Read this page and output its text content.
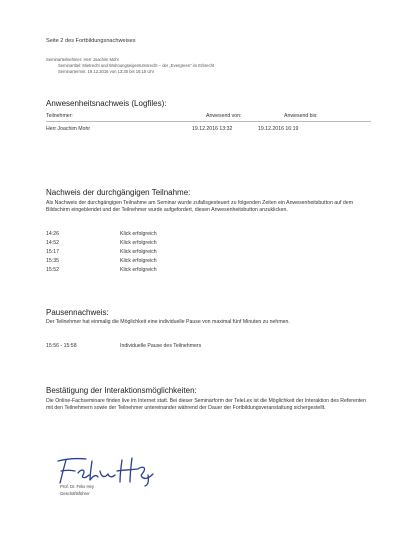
Seite 2 des Fortbildungsnachweises
Seminarteilnehmer: Herr Joachim Mohr
Seminartitel: Mietrecht und Wohnungseigentumsrecht – der „Evergreen“ im Erbrecht
Seminartermin: 19.12.2016 von 13:30 bis 16:15 Uhr
Anwesenheitsnachweis (Logfiles):
Teilnehmer:	Anwesend von:	Anwesend bis:
Herr Joachim Mohr	19.12.2016 13:32	19.12.2016 16:19
Nachweis der durchgängigen Teilnahme:
Als Nachweis der durchgängigen Teilnahme am Seminar wurde zufallsgesteuert zu folgenden Zeiten ein Anwesenheitsbutton auf dem Bildschirm eingeblendet und der Teilnehmer wurde aufgefordert, diesen Anwesenheitsbutton anzuklicken.
14:26	Klick erfolgreich
14:52	Klick erfolgreich
15:17	Klick erfolgreich
15:35	Klick erfolgreich
15:52	Klick erfolgreich
Pausennachweis:
Der Teilnehmer hat einmalig die Möglichkeit eine individuelle Pause von maximal fünf Minuten zu nehmen.
15:56 - 15:58	Individuelle Pause des Teilnehmers
Bestätigung der Interaktionsmöglichkeiten:
Die Online-Fachseminare finden live im Internet statt. Bei dieser Seminarform der TeleLex ist die Möglichkeit der Interaktion des Referenten mit den Teilnehmern sowie der Teilnehmer untereinander während der Dauer der Fortbildungsveranstaltung sichergestellt.
Prof. Dr. Felix Hey
Geschäftsführer
